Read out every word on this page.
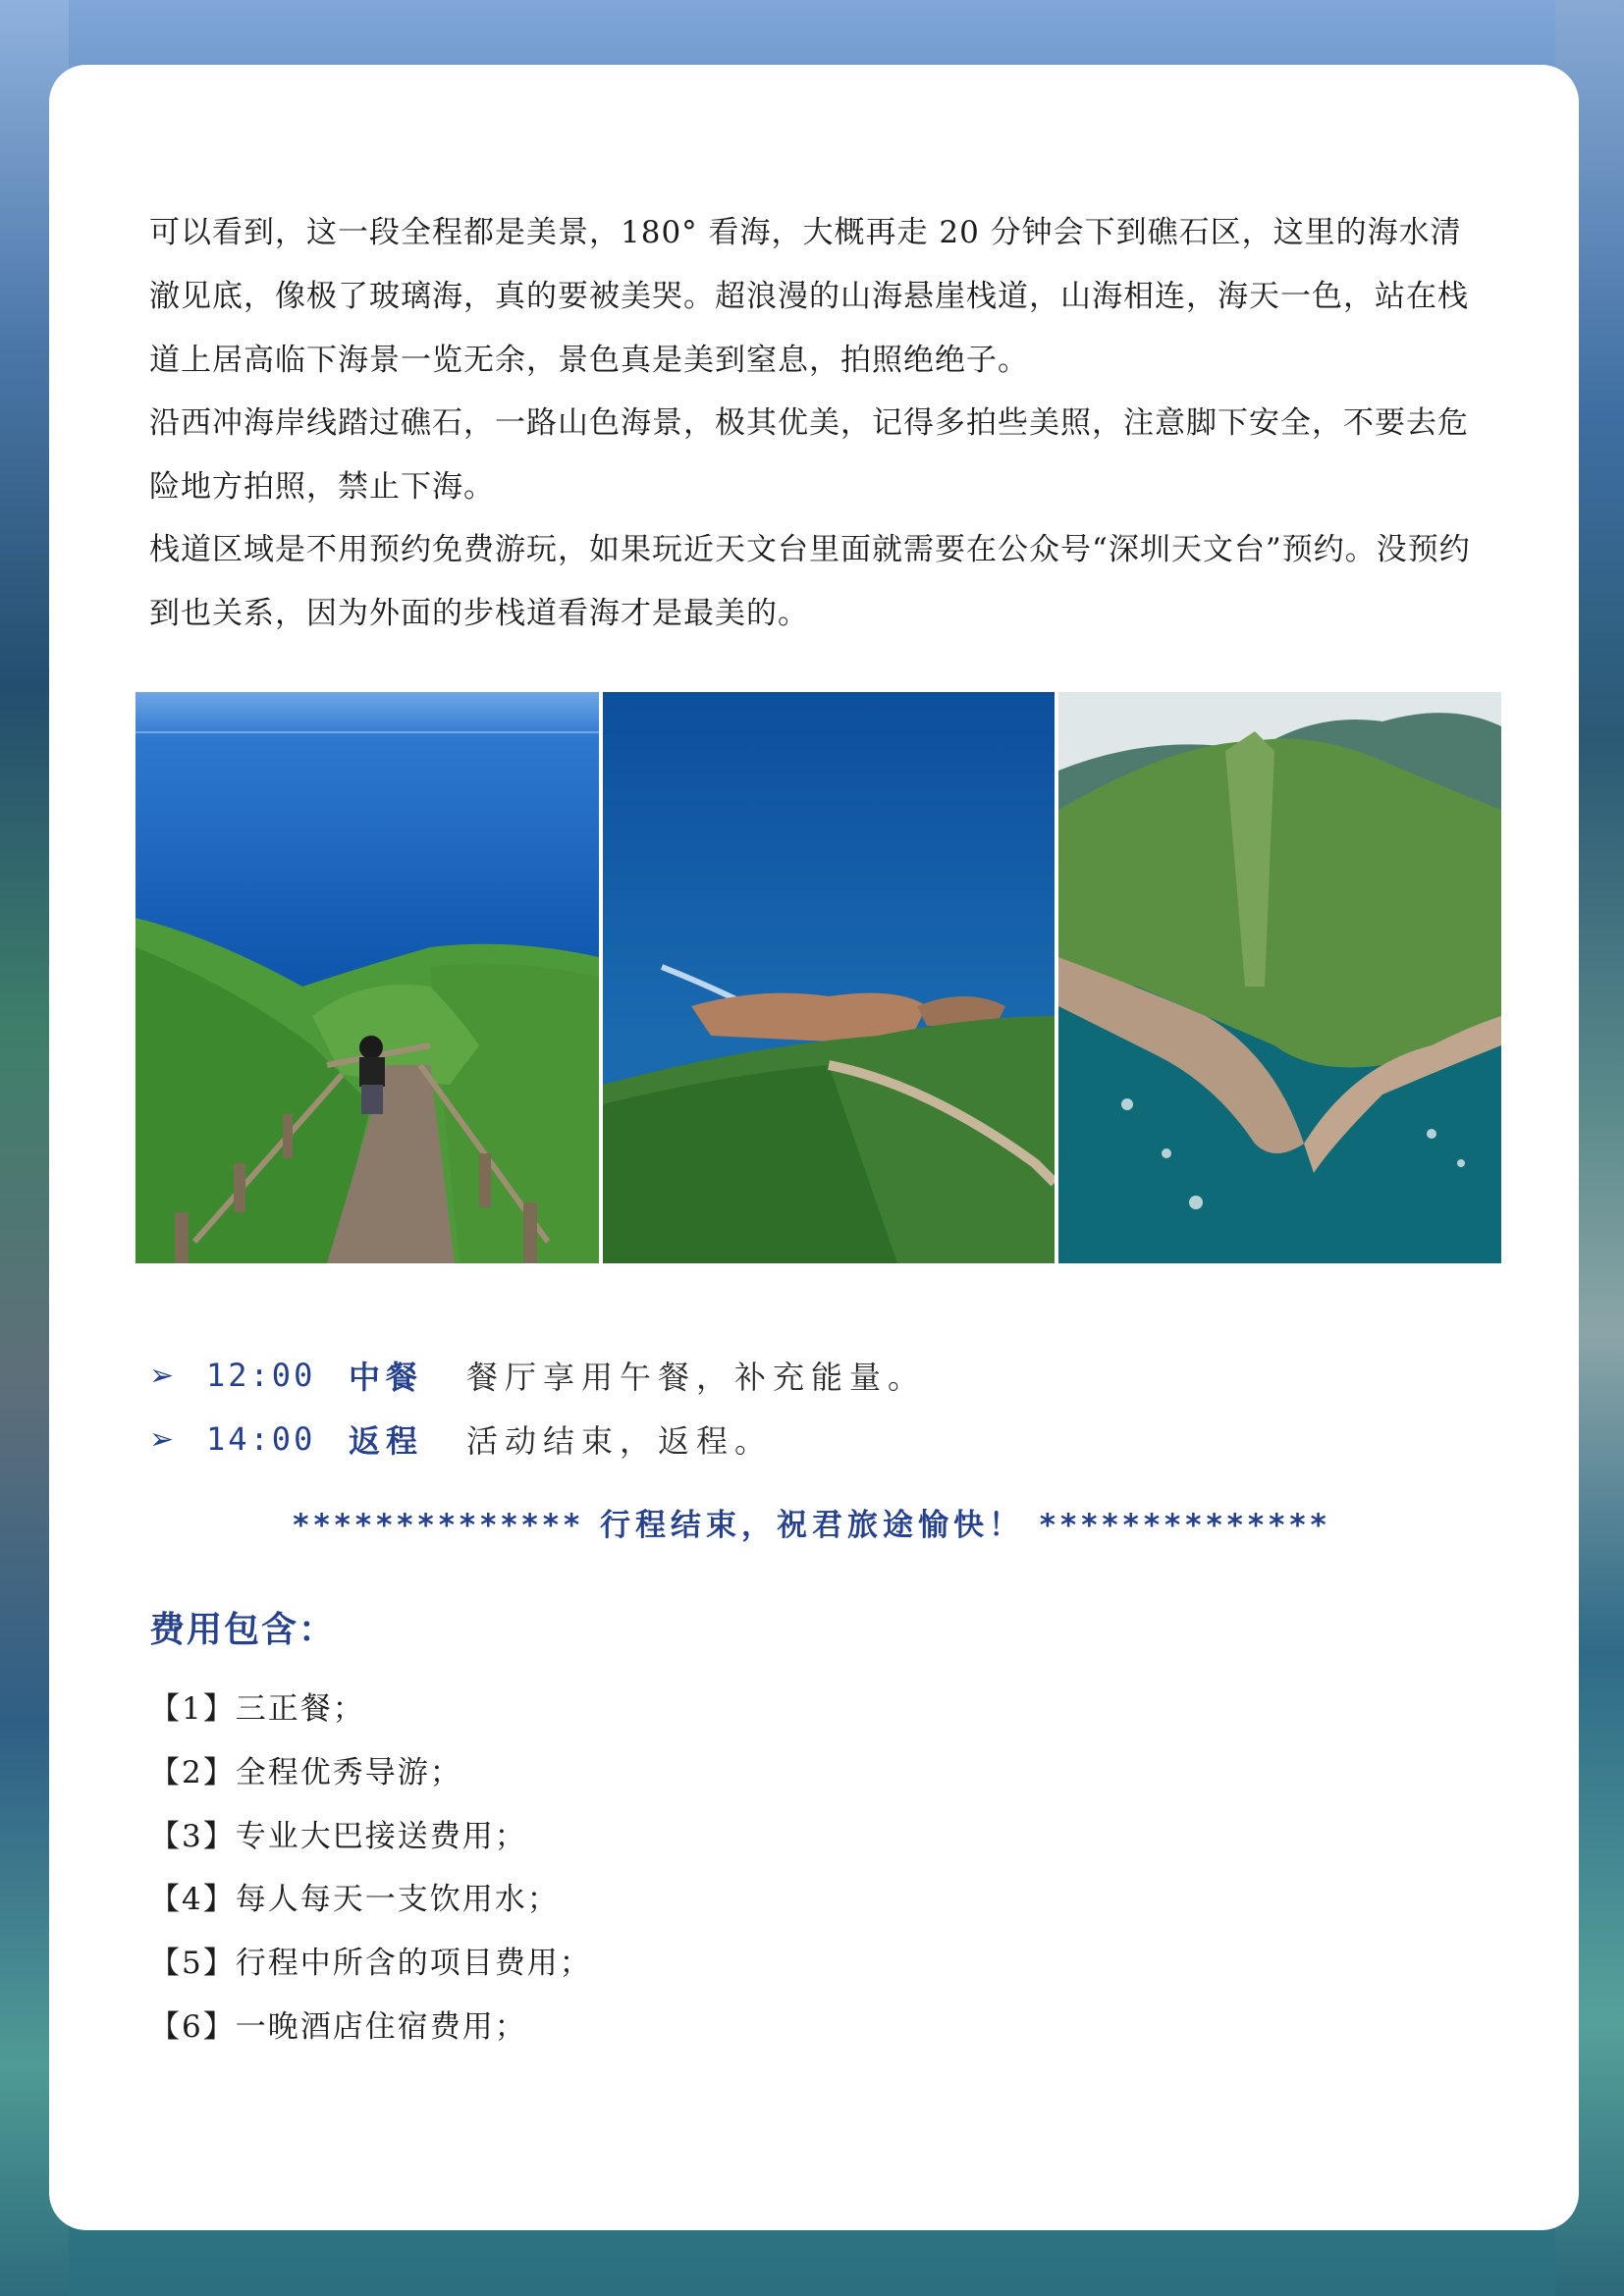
可以看到，这一段全程都是美景，180° 看海，大概再走 20 分钟会下到礁石区，这里的海水清澈见底，像极了玻璃海，真的要被美哭。超浪漫的山海悬崖栈道，山海相连，海天一色，站在栈道上居高临下海景一览无余，景色真是美到窒息，拍照绝绝子。

沿西冲海岸线踏过礁石，一路山色海景，极其优美，记得多拍些美照，注意脚下安全，不要去危险地方拍照，禁止下海。

栈道区域是不用预约免费游玩，如果玩近天文台里面就需要在公众号“深圳天文台”预约。没预约到也关系，因为外面的步栈道看海才是最美的。

➢ 12:00	中餐	餐厅享用午餐，补充能量。
➢ 14:00	返程	活动结束，返程。
************** 行程结束，祝君旅途愉快！ **************
费用包含：
【1】三正餐；
【2】全程优秀导游；
【3】专业大巴接送费用；
【4】每人每天一支饮用水；
【5】行程中所含的项目费用；
【6】一晚酒店住宿费用；
